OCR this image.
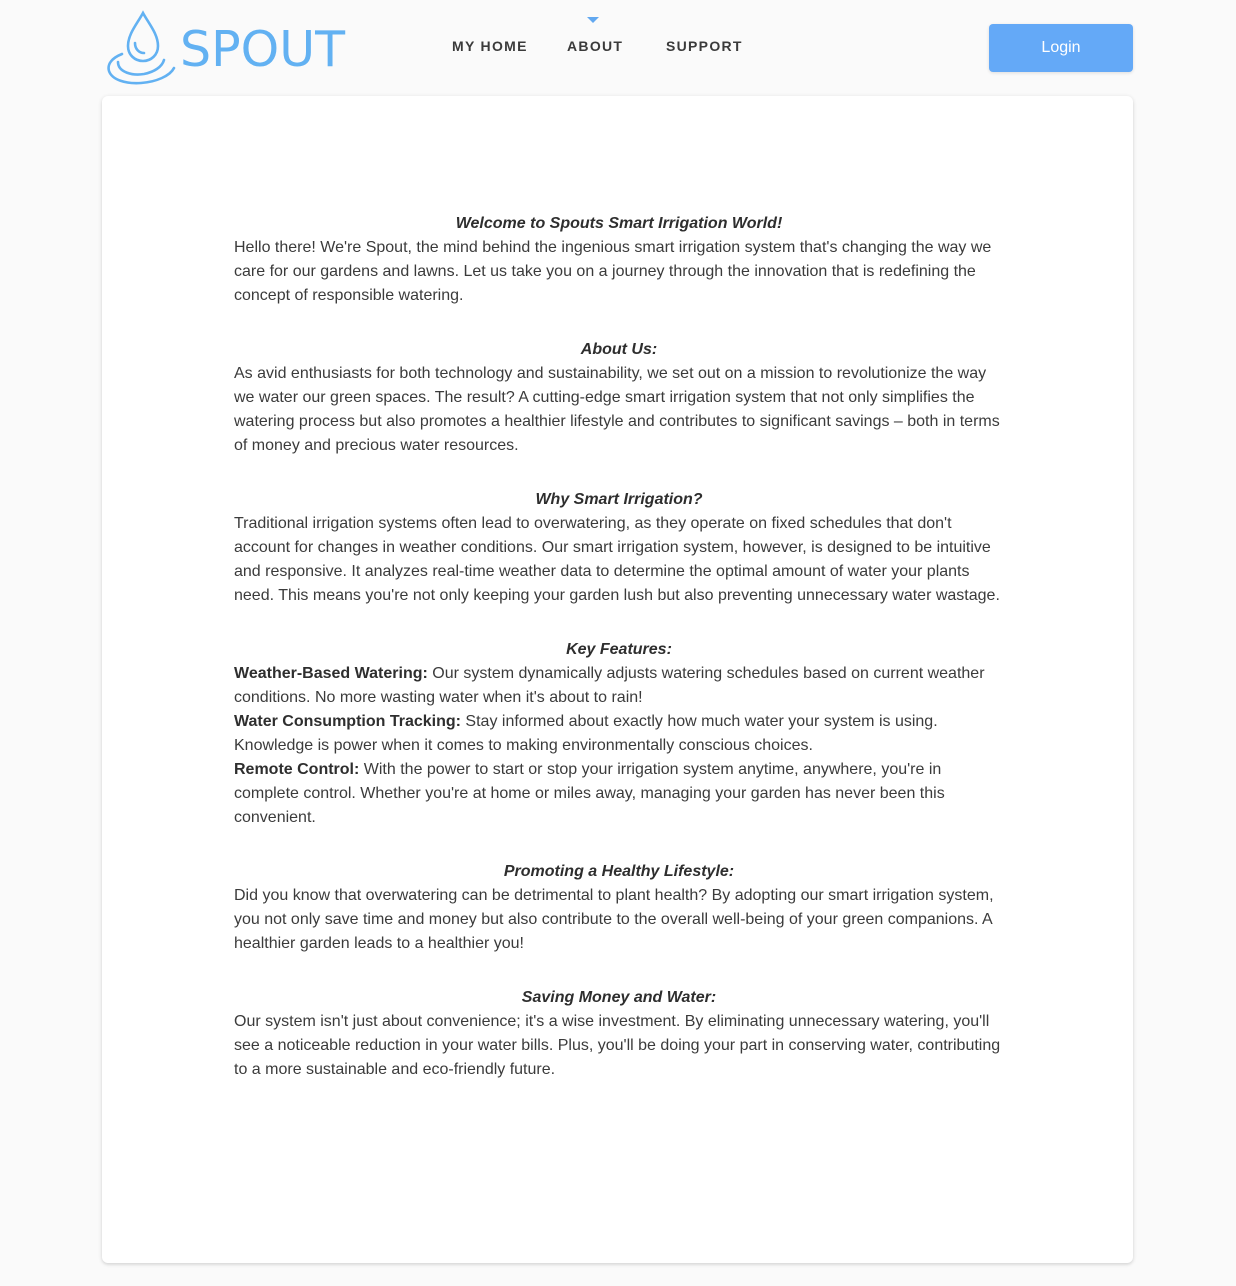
SPOUT	MY HOME	ABOUT	SUPPORT	Login
Welcome to Spouts Smart Irrigation World!
Hello there! We're Spout, the mind behind the ingenious smart irrigation system that's changing the way we care for our gardens and lawns. Let us take you on a journey through the innovation that is redefining the concept of responsible watering.
About Us:
As avid enthusiasts for both technology and sustainability, we set out on a mission to revolutionize the way we water our green spaces. The result? A cutting-edge smart irrigation system that not only simplifies the watering process but also promotes a healthier lifestyle and contributes to significant savings – both in terms of money and precious water resources.
Why Smart Irrigation?
Traditional irrigation systems often lead to overwatering, as they operate on fixed schedules that don't account for changes in weather conditions. Our smart irrigation system, however, is designed to be intuitive and responsive. It analyzes real-time weather data to determine the optimal amount of water your plants need. This means you're not only keeping your garden lush but also preventing unnecessary water wastage.
Key Features:
Weather-Based Watering: Our system dynamically adjusts watering schedules based on current weather conditions. No more wasting water when it's about to rain!
Water Consumption Tracking: Stay informed about exactly how much water your system is using. Knowledge is power when it comes to making environmentally conscious choices.
Remote Control: With the power to start or stop your irrigation system anytime, anywhere, you're in complete control. Whether you're at home or miles away, managing your garden has never been this convenient.
Promoting a Healthy Lifestyle:
Did you know that overwatering can be detrimental to plant health? By adopting our smart irrigation system, you not only save time and money but also contribute to the overall well-being of your green companions. A healthier garden leads to a healthier you!
Saving Money and Water:
Our system isn't just about convenience; it's a wise investment. By eliminating unnecessary watering, you'll see a noticeable reduction in your water bills. Plus, you'll be doing your part in conserving water, contributing to a more sustainable and eco-friendly future.
